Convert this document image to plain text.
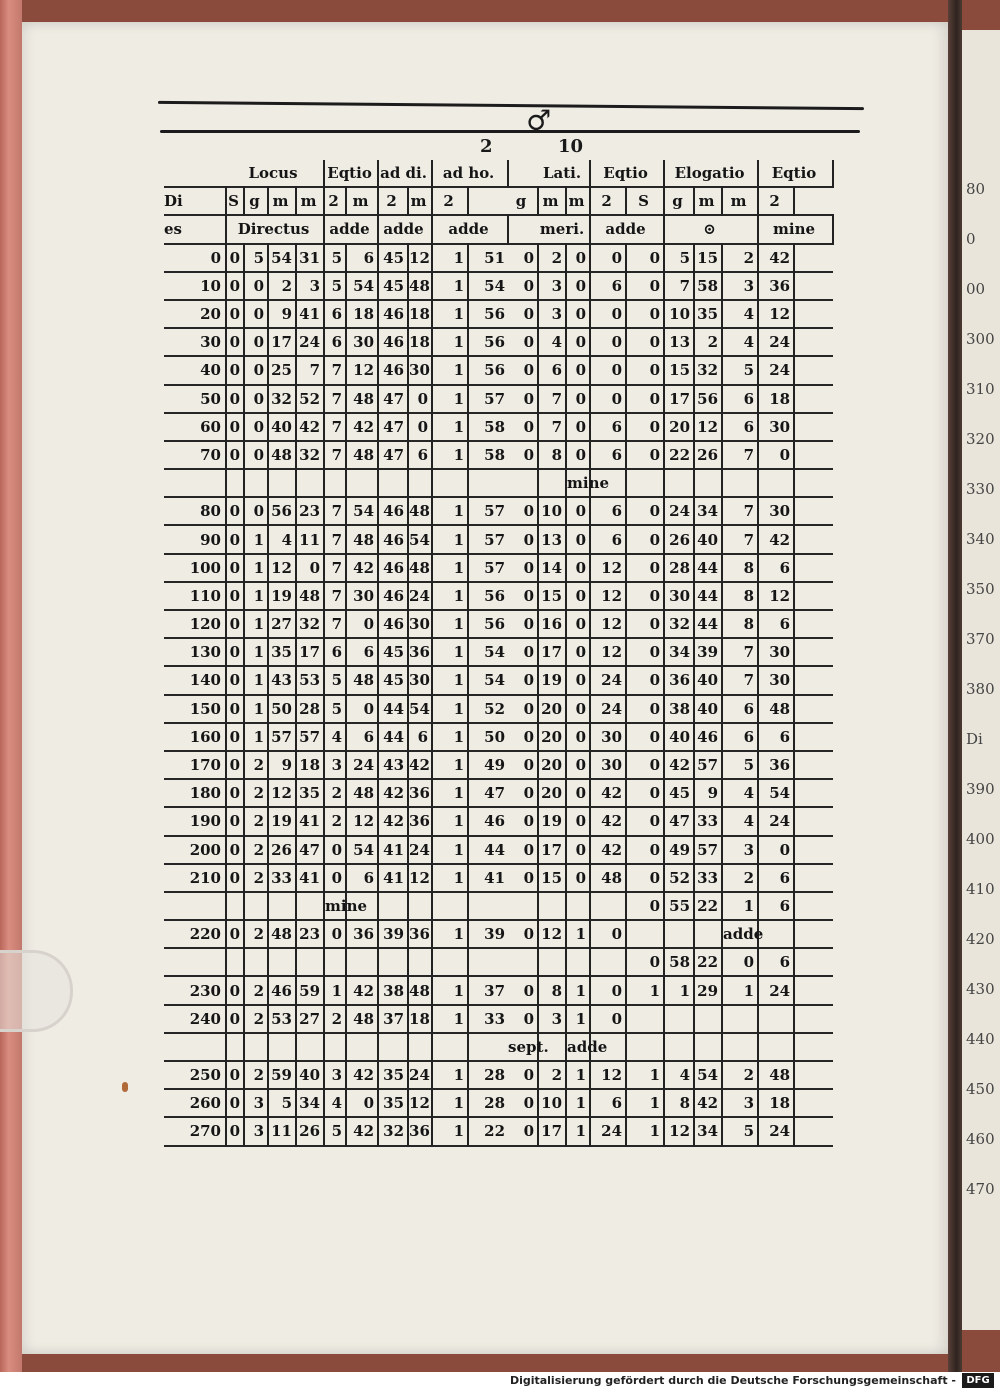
80
0
00
300
310
320
330
340
350
370
380
Di
390
400
410
420
430
440
450
460
470
♂
2	10
	Locus				Eqtio		ad di.		ad ho.			Lati.		Eqtio		Elogatio			Eqtio
Di	S	g	m	m	2	m	2	m	2		g	m	m	2	S	g	m	m	2
es	Directus				adde		adde		adde			meri.		adde		⊙			mine
0	0	5	54	31	5	6	45	12	1	51	0	2	0	0	0	5	15	2	42
10	0	0	2	3	5	54	45	48	1	54	0	3	0	6	0	7	58	3	36
20	0	0	9	41	6	18	46	18	1	56	0	3	0	0	0	10	35	4	12
30	0	0	17	24	6	30	46	18	1	56	0	4	0	0	0	13	2	4	24
40	0	0	25	7	7	12	46	30	1	56	0	6	0	0	0	15	32	5	24
50	0	0	32	52	7	48	47	0	1	57	0	7	0	0	0	17	56	6	18
60	0	0	40	42	7	42	47	0	1	58	0	7	0	6	0	20	12	6	30
70	0	0	48	32	7	48	47	6	1	58	0	8	0	6	0	22	26	7	0
													mine						
80	0	0	56	23	7	54	46	48	1	57	0	10	0	6	0	24	34	7	30
90	0	1	4	11	7	48	46	54	1	57	0	13	0	6	0	26	40	7	42
100	0	1	12	0	7	42	46	48	1	57	0	14	0	12	0	28	44	8	6
110	0	1	19	48	7	30	46	24	1	56	0	15	0	12	0	30	44	8	12
120	0	1	27	32	7	0	46	30	1	56	0	16	0	12	0	32	44	8	6
130	0	1	35	17	6	6	45	36	1	54	0	17	0	12	0	34	39	7	30
140	0	1	43	53	5	48	45	30	1	54	0	19	0	24	0	36	40	7	30
150	0	1	50	28	5	0	44	54	1	52	0	20	0	24	0	38	40	6	48
160	0	1	57	57	4	6	44	6	1	50	0	20	0	30	0	40	46	6	6
170	0	2	9	18	3	24	43	42	1	49	0	20	0	30	0	42	57	5	36
180	0	2	12	35	2	48	42	36	1	47	0	20	0	42	0	45	9	4	54
190	0	2	19	41	2	12	42	36	1	46	0	19	0	42	0	47	33	4	24
200	0	2	26	47	0	54	41	24	1	44	0	17	0	42	0	49	57	3	0
210	0	2	33	41	0	6	41	12	1	41	0	15	0	48	0	52	33	2	6
					mine										0	55	22	1	6
220	0	2	48	23	0	36	39	36	1	39	0	12	1	0				adde	
															0	58	22	0	6
230	0	2	46	59	1	42	38	48	1	37	0	8	1	0	1	1	29	1	24
240	0	2	53	27	2	48	37	18	1	33	0	3	1	0					
											sept.		adde						
250	0	2	59	40	3	42	35	24	1	28	0	2	1	12	1	4	54	2	48
260	0	3	5	34	4	0	35	12	1	28	0	10	1	6	1	8	42	3	18
270	0	3	11	26	5	42	32	36	1	22	0	17	1	24	1	12	34	5	24
Digitalisierung gefördert durch die Deutsche Forschungsgemeinschaft -	DFG
